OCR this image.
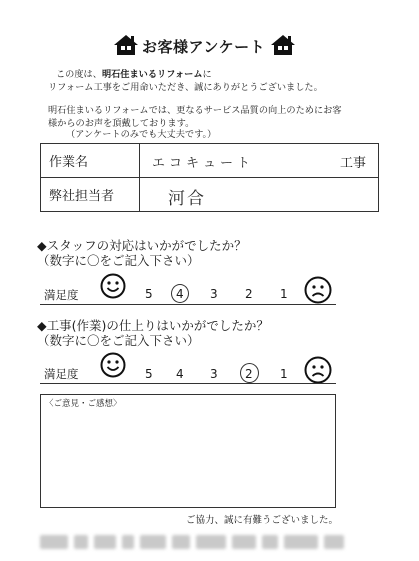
お客様アンケート
この度は、明石住まいるリフォームに
リフォーム工事をご用命いただき、誠にありがとうございました。
明石住まいるリフォームでは、更なるサービス品質の向上のためにお客
様からのお声を頂戴しております。
（アンケートのみでも大丈夫です。）
作業名	エコキュート 工事

弊社担当者	河合
◆スタッフの対応はいかがでしたか？
（数字に〇をご記入下さい）
満足度	5 4 3 2 1
◆工事(作業)の仕上りはいかがでしたか？
（数字に〇をご記入下さい）
満足度	5 4 3 2 1
〈ご意見・ご感想〉
ご協力、誠に有難うございました。
